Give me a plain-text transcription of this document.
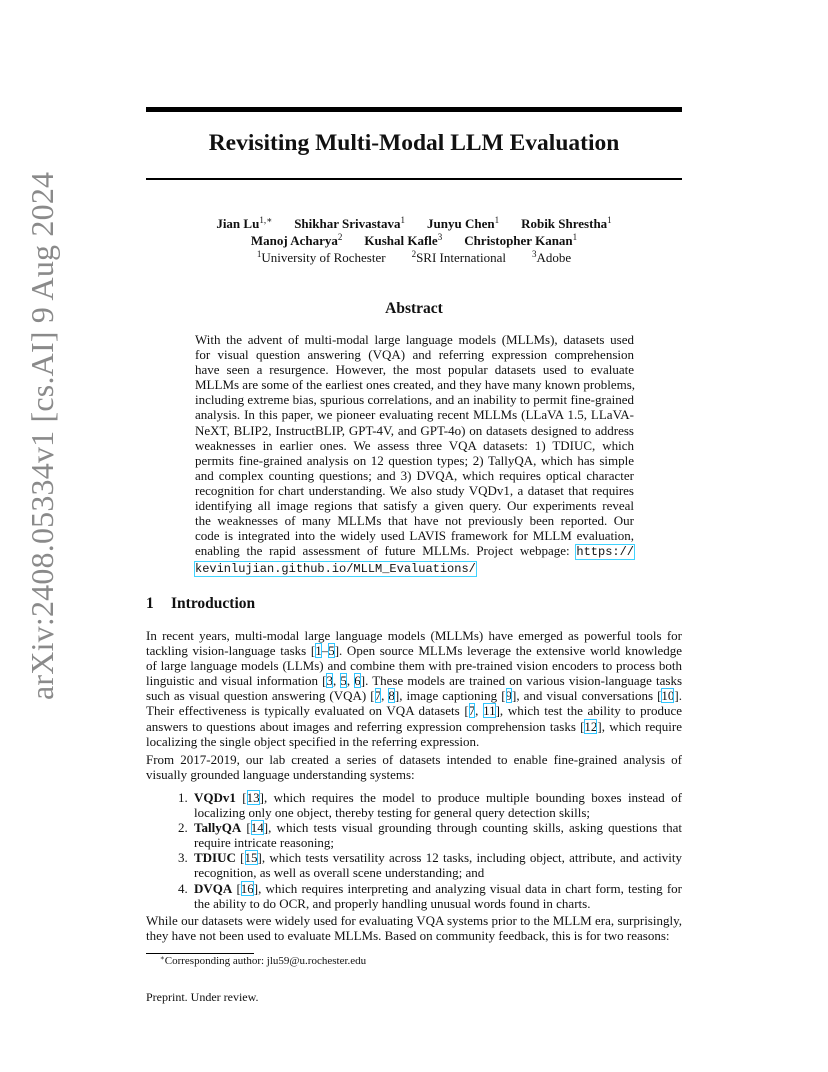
arXiv:2408.05334v1 [cs.AI] 9 Aug 2024
Revisiting Multi-Modal LLM Evaluation
Jian $Lu^{1,∗}$ Shikhar Srivastava$^1$ Junyu Chen$^1$ Robik Shrestha$^1$
Manoj Acharya$^2$ Kushal Kafle$^3$ Christopher Kanan$^1$
$^1$University of Rochester	$^2$SRI International	$^3$Adobe
Abstract
With the advent of multi-modal large language models (MLLMs), datasets used
for visual question answering (VQA) and referring expression comprehension
have seen a resurgence. However, the most popular datasets used to evaluate
MLLMs are some of the earliest ones created, and they have many known problems,
including extreme bias, spurious correlations, and an inability to permit fine-grained
analysis. In this paper, we pioneer evaluating recent MLLMs (LLaVA 1.5, LLaVA-
NeXT, BLIP2, InstructBLIP, GPT-4V, and GPT-4o) on datasets designed to address
weaknesses in earlier ones. We assess three VQA datasets: 1) TDIUC, which
permits fine-grained analysis on 12 question types; 2) TallyQA, which has simple
and complex counting questions; and 3) DVQA, which requires optical character
recognition for chart understanding. We also study VQDv1, a dataset that requires
identifying all image regions that satisfy a given query. Our experiments reveal
the weaknesses of many MLLMs that have not previously been reported. Our
code is integrated into the widely used LAVIS framework for MLLM evaluation,
enabling the rapid assessment of future MLLMs. Project webpage: https://
kevinlujian.github.io/MLLM_Evaluations/
1 Introduction
In recent years, multi-modal large language models (MLLMs) have emerged as powerful tools for
tackling vision-language tasks [1–5]. Open source MLLMs leverage the extensive world knowledge
of large language models (LLMs) and combine them with pre-trained vision encoders to process both
linguistic and visual information [3, 5, 6]. These models are trained on various vision-language tasks
such as visual question answering (VQA) [7, 8], image captioning [9], and visual conversations [10].
Their effectiveness is typically evaluated on VQA datasets [7, 11], which test the ability to produce
answers to questions about images and referring expression comprehension tasks [12], which require
localizing the single object specified in the referring expression.
From 2017-2019, our lab created a series of datasets intended to enable fine-grained analysis of
visually grounded language understanding systems:
1. VQDv1 [13], which requires the model to produce multiple bounding boxes instead of
localizing only one object, thereby testing for general query detection skills;
2. TallyQA [14], which tests visual grounding through counting skills, asking questions that
require intricate reasoning;
3. TDIUC [15], which tests versatility across 12 tasks, including object, attribute, and activity
recognition, as well as overall scene understanding; and
4. DVQA [16], which requires interpreting and analyzing visual data in chart form, testing for
the ability to do OCR, and properly handling unusual words found in charts.
While our datasets were widely used for evaluating VQA systems prior to the MLLM era, surprisingly,
they have not been used to evaluate MLLMs. Based on community feedback, this is for two reasons:
∗Corresponding author: jlu59@u.rochester.edu
Preprint. Under review.
